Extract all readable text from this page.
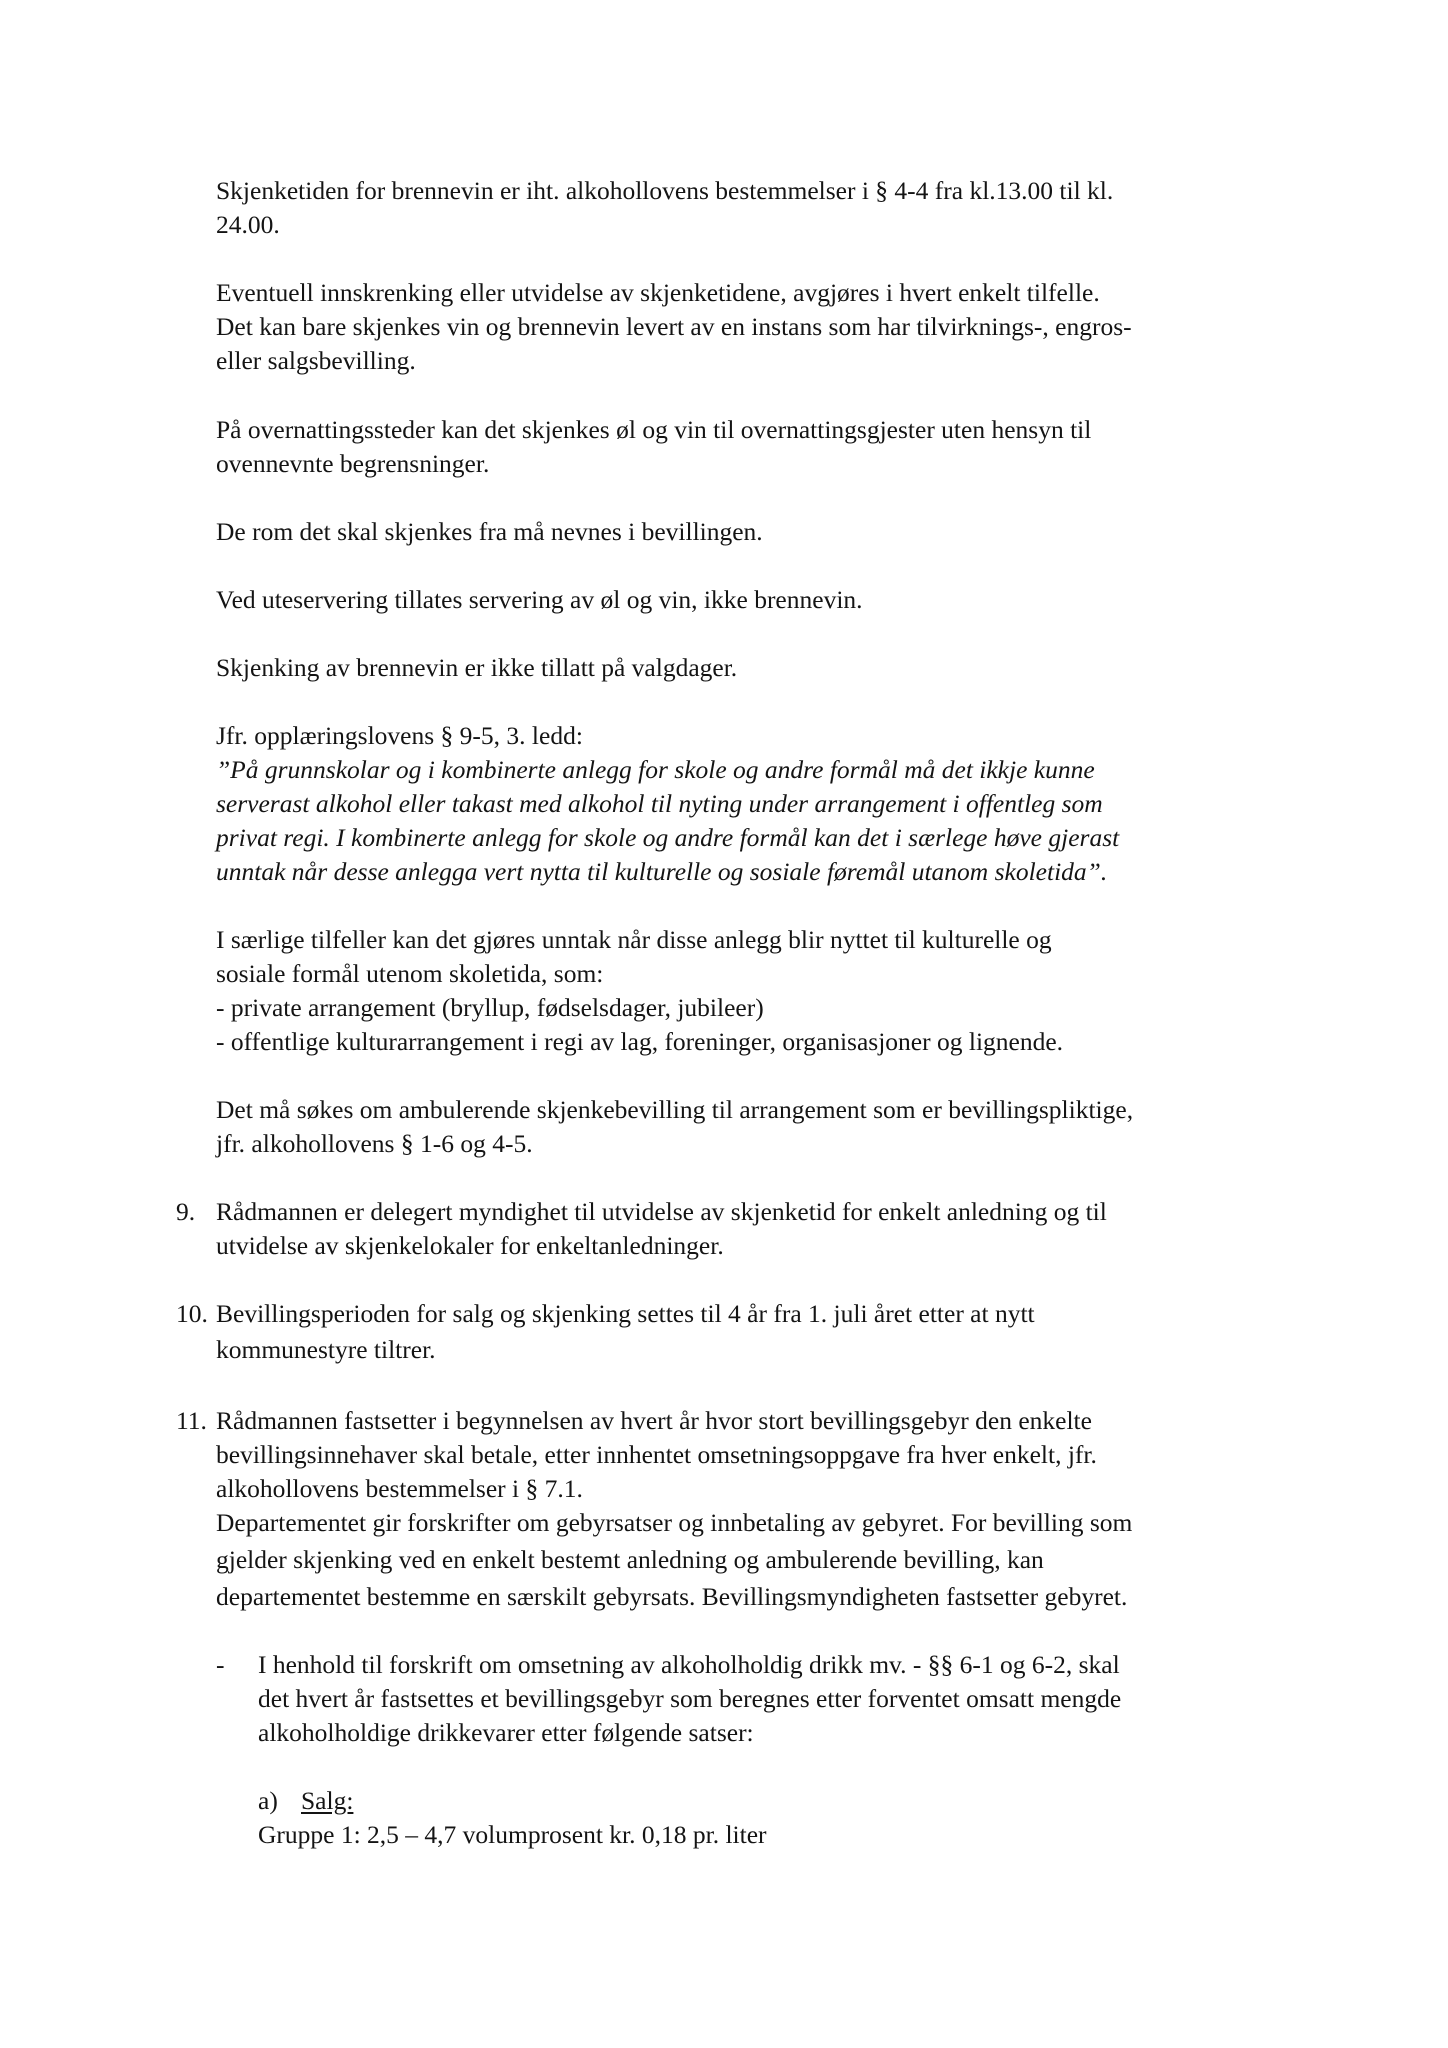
Skjenketiden for brennevin er iht. alkohollovens bestemmelser i § 4-4 fra kl.13.00 til kl.
24.00.
Eventuell innskrenking eller utvidelse av skjenketidene, avgjøres i hvert enkelt tilfelle.
Det kan bare skjenkes vin og brennevin levert av en instans som har tilvirknings-, engros-
eller salgsbevilling.
På overnattingssteder kan det skjenkes øl og vin til overnattingsgjester uten hensyn til
ovennevnte begrensninger.
De rom det skal skjenkes fra må nevnes i bevillingen.
Ved uteservering tillates servering av øl og vin, ikke brennevin.
Skjenking av brennevin er ikke tillatt på valgdager.
Jfr. opplæringslovens § 9-5, 3. ledd:
”På grunnskolar og i kombinerte anlegg for skole og andre formål må det ikkje kunne
serverast alkohol eller takast med alkohol til nyting under arrangement i offentleg som
privat regi. I kombinerte anlegg for skole og andre formål kan det i særlege høve gjerast
unntak når desse anlegga vert nytta til kulturelle og sosiale føremål utanom skoletida”.
I særlige tilfeller kan det gjøres unntak når disse anlegg blir nyttet til kulturelle og
sosiale formål utenom skoletida, som:
- private arrangement (bryllup, fødselsdager, jubileer)
- offentlige kulturarrangement i regi av lag, foreninger, organisasjoner og lignende.
Det må søkes om ambulerende skjenkebevilling til arrangement som er bevillingspliktige,
jfr. alkohollovens § 1-6 og 4-5.
9. Rådmannen er delegert myndighet til utvidelse av skjenketid for enkelt anledning og til
utvidelse av skjenkelokaler for enkeltanledninger.
10. Bevillingsperioden for salg og skjenking settes til 4 år fra 1. juli året etter at nytt
kommunestyre tiltrer.
11. Rådmannen fastsetter i begynnelsen av hvert år hvor stort bevillingsgebyr den enkelte
bevillingsinnehaver skal betale, etter innhentet omsetningsoppgave fra hver enkelt, jfr.
alkohollovens bestemmelser i § 7.1.
Departementet gir forskrifter om gebyrsatser og innbetaling av gebyret. For bevilling som
gjelder skjenking ved en enkelt bestemt anledning og ambulerende bevilling, kan
departementet bestemme en særskilt gebyrsats. Bevillingsmyndigheten fastsetter gebyret.
- I henhold til forskrift om omsetning av alkoholholdig drikk mv. - §§ 6-1 og 6-2, skal
det hvert år fastsettes et bevillingsgebyr som beregnes etter forventet omsatt mengde
alkoholholdige drikkevarer etter følgende satser:
a) Salg:
Gruppe 1: 2,5 – 4,7 volumprosent kr. 0,18 pr. liter
